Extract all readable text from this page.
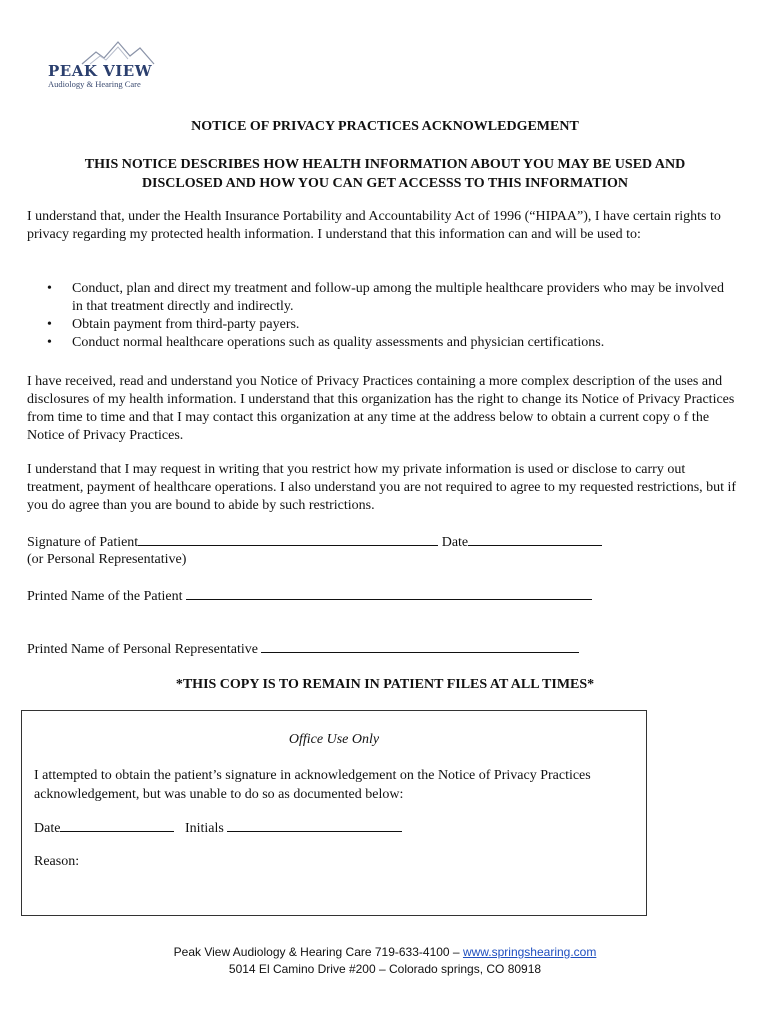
PEAK VIEW
Audiology & Hearing Care
NOTICE OF PRIVACY PRACTICES ACKNOWLEDGEMENT
THIS NOTICE DESCRIBES HOW HEALTH INFORMATION ABOUT YOU MAY BE USED AND DISCLOSED AND HOW YOU CAN GET ACCESSS TO THIS INFORMATION

I understand that, under the Health Insurance Portability and Accountability Act of 1996 (“HIPAA”), I have certain rights to privacy regarding my protected health information. I understand that this information can and will be used to:

• Conduct, plan and direct my treatment and follow-up among the multiple healthcare providers who may be involved in that treatment directly and indirectly.
• Obtain payment from third-party payers.
• Conduct normal healthcare operations such as quality assessments and physician certifications.

I have received, read and understand you Notice of Privacy Practices containing a more complex description of the uses and disclosures of my health information. I understand that this organization has the right to change its Notice of Privacy Practices from time to time and that I may contact this organization at any time at the address below to obtain a current copy o f the Notice of Privacy Practices.

I understand that I may request in writing that you restrict how my private information is used or disclose to carry out treatment, payment of healthcare operations. I also understand you are not required to agree to my requested restrictions, but if you do agree than you are bound to abide by such restrictions.

Signature of Patient	Date
(or Personal Representative)
Printed Name of the Patient
Printed Name of Personal Representative
*THIS COPY IS TO REMAIN IN PATIENT FILES AT ALL TIMES*
Office Use Only

I attempted to obtain the patient’s signature in acknowledgement on the Notice of Privacy Practices acknowledgement, but was unable to do so as documented below:

Date	Initials
Reason:
Peak View Audiology & Hearing Care 719-633-4100 – www.springshearing.com
5014 El Camino Drive #200 – Colorado springs, CO 80918
